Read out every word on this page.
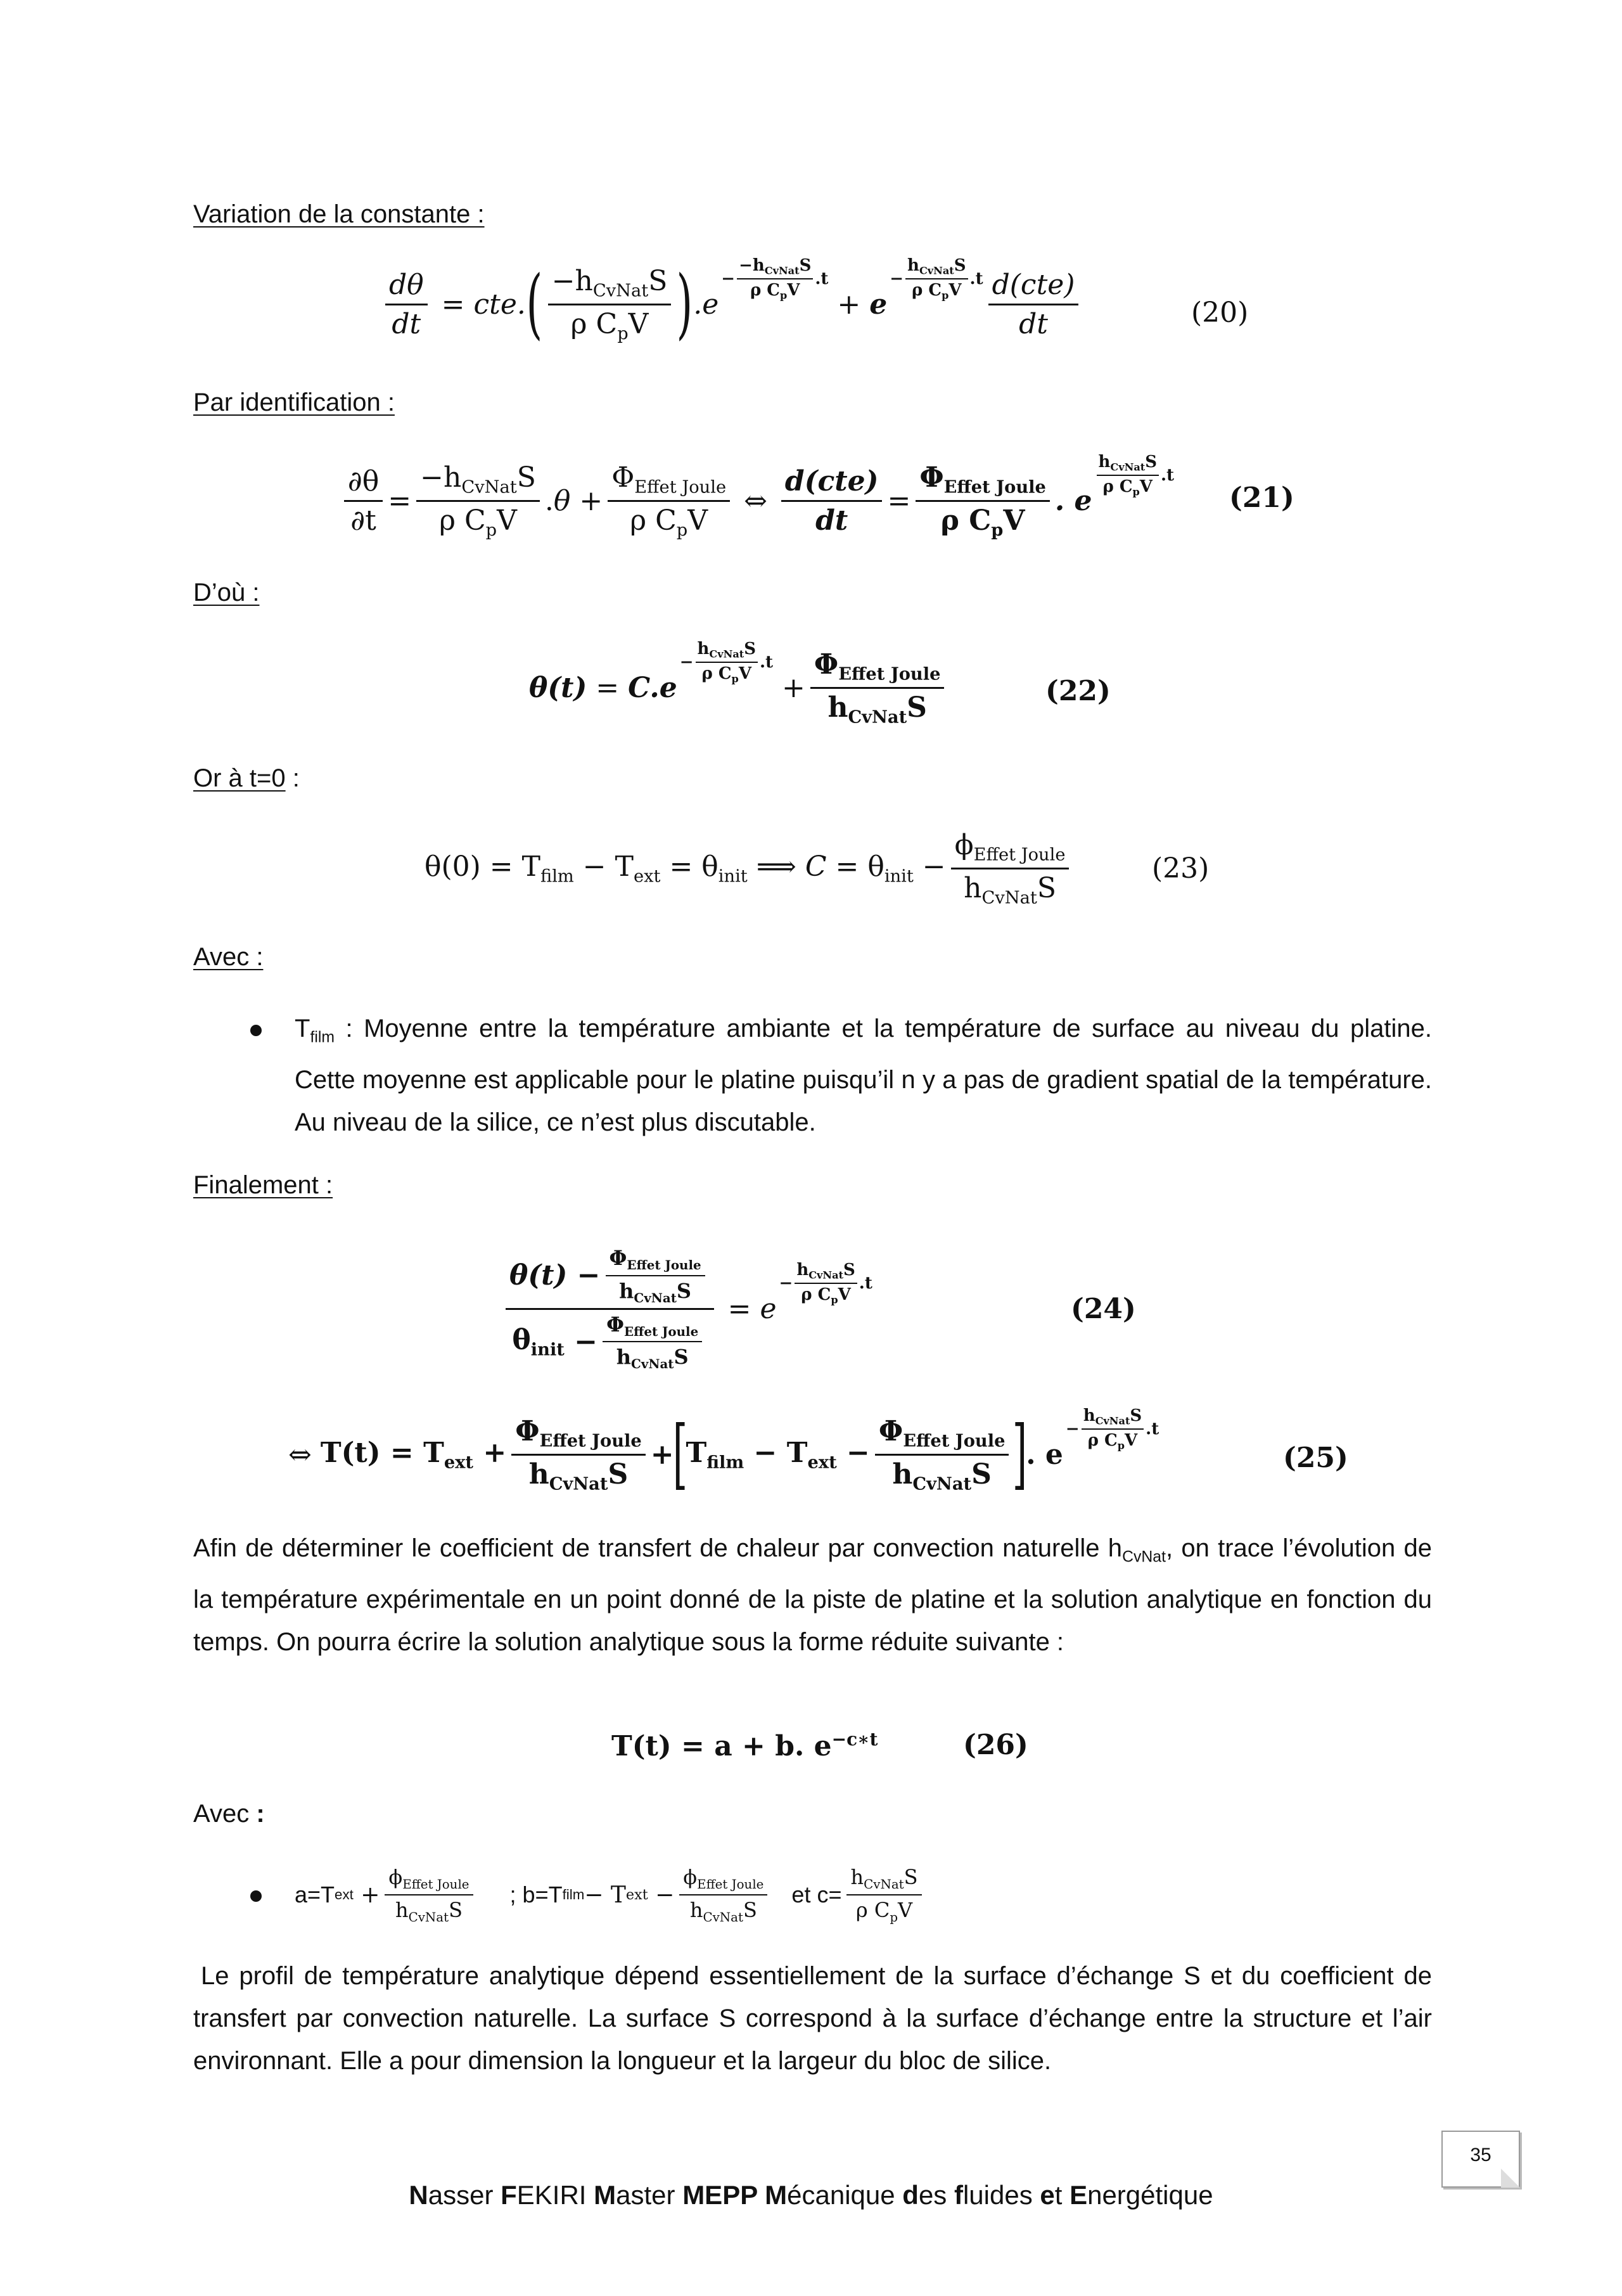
Variation de la constante :
$\frac{d\theta}{dt}$ = cte. ( $\frac{-h_{CvNat}S}{\rho C_pV}$ ) .e
− $\frac{-h_{CvNat}S}{\rho C_pV} .t$
+ e
− $\frac{h_{CvNat}S}{\rho C_pV} .t \frac{\text{d(cte)}}{dt}$	(20)
Par identification :
$\frac{\partial\theta}{\partial t} = \frac{-h_{CvNat}S}{\rho C_pV} .\theta + \frac{\Phi_{Effet Joule}}{\rho C_pV}$ ⇔ $\frac{\text{d(cte)}}{dt} = \frac{\Phi_{Effet Joule}}{\rho C_pV}$ . e
$\frac{h_{CvNat}S}{\rho C_pV} .t$
(21)
D’où :
θ(t) = C.e
− $\frac{h_{CvNat}S}{\rho C_pV} .t$
+ $\frac{\Phi_{Effet Joule}}{h_{CvNat}S}$	(22)
Or à t=0 :
$\theta(0) = T_{film} - T_{ext} = \theta_{init}$ ⟹ $C = \theta_{init} - \frac{\phi_{Effet Joule}}{h_{CvNat}S}$	(23)
Avec :
$T_{film}$ : Moyenne entre la température ambiante et la température de surface au niveau du platine. Cette moyenne est applicable pour le platine puisqu’il n y a pas de gradient spatial de la température. Au niveau de la silice, ce n’est plus discutable.
Finalement :
$\frac{\theta(t) - \frac{\Phi_{Effet Joule}}{h_{CvNat}S}}{\theta_{init} - \frac{\Phi_{Effet Joule}}{h_{CvNat}S}} = e$
− $\frac{h_{CvNat}S}{\rho C_pV} .t$
(24)
⇔ $T(t) = T_{ext} + \frac{\Phi_{Effet Joule}}{h_{CvNat}S}$ +
[
$T_{film} - T_{ext} - \frac{\Phi_{Effet Joule}}{h_{CvNat}S}$ ]
. e
− $\frac{h_{CvNat}S}{\rho C_pV} .t$
(25)
Afin de déterminer le coefficient de transfert de chaleur par convection naturelle $h_{CvNat}$, on trace l’évolution de la température expérimentale en un point donné de la piste de platine et la solution analytique en fonction du temps. On pourra écrire la solution analytique sous la forme réduite suivante :
T(t) = a + b. $e^{-c∗t}$	(26)
Avec :
a=T ext + $\frac{\phi_{Effet Joule}}{h_{CvNat}S}$ ; b=T film − T ext − $\frac{\phi_{Effet Joule}}{h_{CvNat}S}$ et $c= \frac{h_{CvNat}S}{\rho C_pV}$
Le profil de température analytique dépend essentiellement de la surface d’échange S et du coefficient de transfert par convection naturelle. La surface S correspond à la surface d’échange entre la structure et l’air environnant. Elle a pour dimension la longueur et la largeur du bloc de silice.
35
Nasser FEKIRI Master MEPP Mécanique des fluides et Energétique
